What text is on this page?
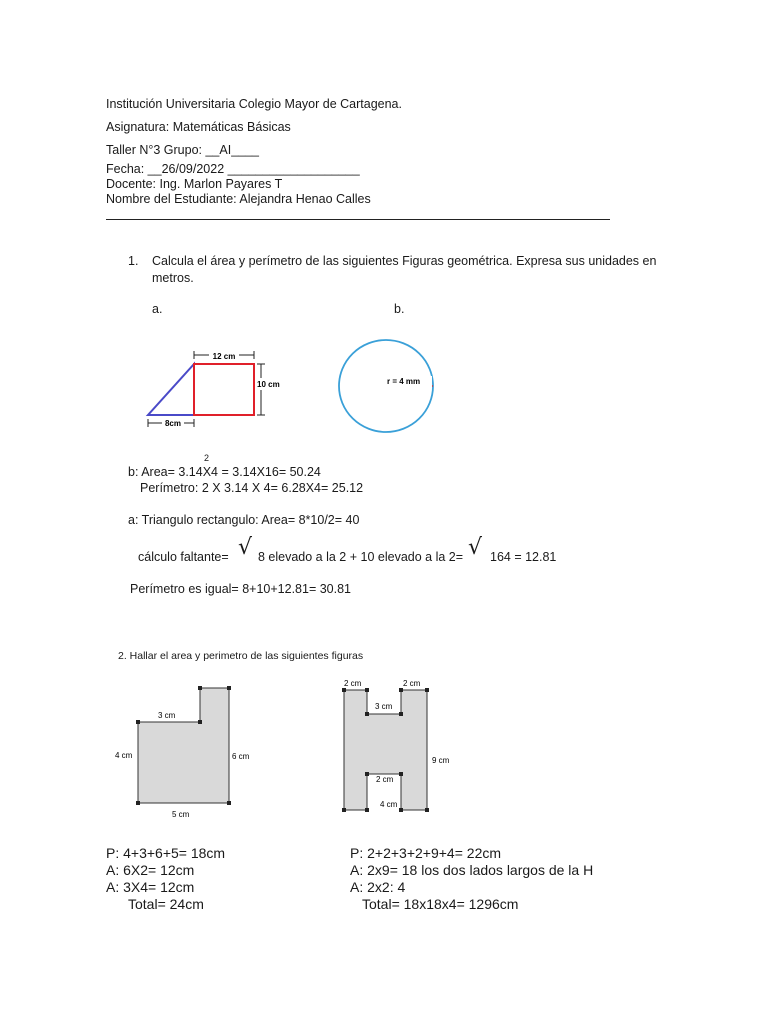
Institución Universitaria Colegio Mayor de Cartagena.
Asignatura: Matemáticas Básicas
Taller N°3 Grupo: __AI____
Fecha: __26/09/2022 ___________________
Docente: Ing. Marlon Payares T
Nombre del Estudiante: Alejandra Henao Calles
1. Calcula el área y perímetro de las siguientes Figuras geométrica. Expresa sus unidades en
metros.
a.	b.
12 cm
10 cm
8cm
r = 4 mm
2
b: Area= 3.14X4 = 3.14X16= 50.24
Perímetro: 2 X 3.14 X 4= 6.28X4= 25.12
a: Triangulo rectangulo: Area= 8*10/2= 40
cálculo faltante= √ 8 elevado a la 2 + 10 elevado a la 2= √ 164 = 12.81
Perímetro es igual= 8+10+12.81= 30.81
2. Hallar el area y perimetro de las siguientes figuras
3 cm
4 cm	6 cm
5 cm
2 cm	2 cm
3 cm
9 cm
2 cm
4 cm
P: 4+3+6+5= 18cm
A: 6X2= 12cm
A: 3X4= 12cm
Total= 24cm
P: 2+2+3+2+9+4= 22cm
A: 2x9= 18 los dos lados largos de la H
A: 2x2: 4
Total= 18x18x4= 1296cm
